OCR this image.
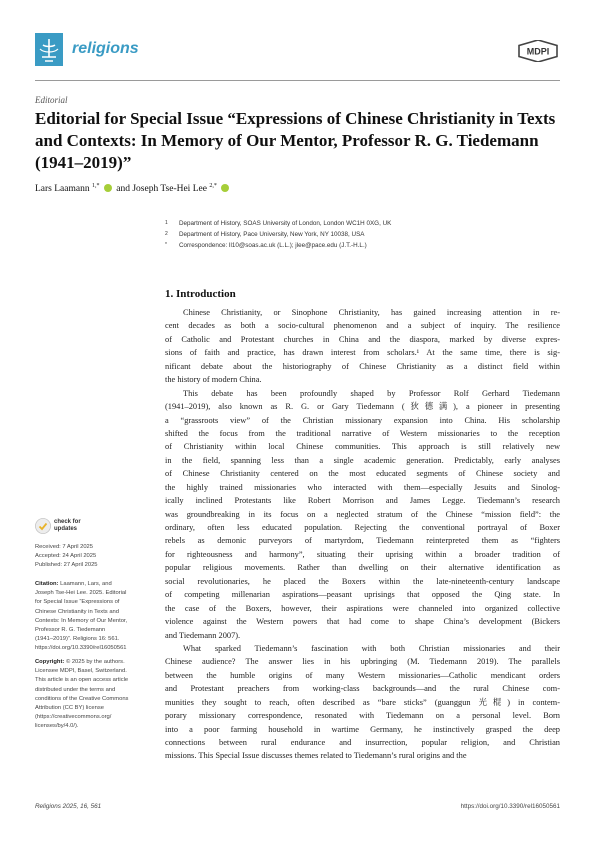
religions	MDPI
Editorial
Editorial for Special Issue “Expressions of Chinese Christianity in Texts and Contexts: In Memory of Our Mentor, Professor R. G. Tiedemann (1941–2019)”
Lars Laamann $^{1,*}$ and Joseph Tse-Hei Lee $^{2,*}$
1 Department of History, SOAS University of London, London WC1H 0XG, UK
2 Department of History, Pace University, New York, NY 10038, USA
* Correspondence: ll10@soas.ac.uk (L.L.); jlee@pace.edu (J.T.-H.L.)
check for
updates
Received: 7 April 2025
Accepted: 24 April 2025
Published: 27 April 2025
Citation: Laamann, Lars, and
Joseph Tse-Hei Lee. 2025. Editorial
for Special Issue “Expressions of
Chinese Christianity in Texts and
Contexts: In Memory of Our Mentor,
Professor R. G. Tiedemann
(1941–2019)”. Religions 16: 561.
https://doi.org/10.3390/rel16050561
Copyright: © 2025 by the authors.
Licensee MDPI, Basel, Switzerland.
This article is an open access article
distributed under the terms and
conditions of the Creative Commons
Attribution (CC BY) license
(https://creativecommons.org/
licenses/by/4.0/).
1. Introduction

Chinese Christianity, or Sinophone Christianity, has gained increasing attention in re-
cent decades as both a socio-cultural phenomenon and a subject of inquiry. The resilience
of Catholic and Protestant churches in China and the diaspora, marked by diverse expres-
sions of faith and practice, has drawn interest from scholars.¹ At the same time, there is sig-
nificant debate about the historiography of Chinese Christianity as a distinct field within
the history of modern China.

This debate has been profoundly shaped by Professor Rolf Gerhard Tiedemann
(1941–2019), also known as R. G. or Gary Tiedemann (狄德满), a pioneer in presenting
a “grassroots view” of the Christian missionary expansion into China. His scholarship
shifted the focus from the traditional narrative of Western missionaries to the reception
of Christianity within local Chinese communities. This approach is still relatively new
in the field, spanning less than a single academic generation. Predictably, early analyses
of Chinese Christianity centered on the most educated segments of Chinese society and
the highly trained missionaries who interacted with them—especially Jesuits and Sinolog-
ically inclined Protestants like Robert Morrison and James Legge. Tiedemann’s research
was groundbreaking in its focus on a neglected stratum of the Chinese “mission field”: the
ordinary, often less educated population. Rejecting the conventional portrayal of Boxer
rebels as demonic purveyors of martyrdom, Tiedemann reinterpreted them as “fighters
for righteousness and harmony”, situating their uprising within a broader tradition of
popular religious movements. Rather than dwelling on their alternative identification as
social revolutionaries, he placed the Boxers within the late-nineteenth-century landscape
of competing millenarian aspirations—peasant uprisings that opposed the Qing state. In
the case of the Boxers, however, their aspirations were channeled into organized collective
violence against the Western powers that had come to shape China’s development (Bickers
and Tiedemann 2007).

What sparked Tiedemann’s fascination with both Christian missionaries and their
Chinese audience? The answer lies in his upbringing (M. Tiedemann 2019). The parallels
between the humble origins of many Western missionaries—Catholic mendicant orders
and Protestant preachers from working-class backgrounds—and the rural Chinese com-
munities they sought to reach, often described as “bare sticks” (guanggun 光棍) in contem-
porary missionary correspondence, resonated with Tiedemann on a personal level. Born
into a poor farming household in wartime Germany, he instinctively grasped the deep
connections between rural endurance and insurrection, popular religion, and Christian
missions. This Special Issue discusses themes related to Tiedemann’s rural origins and the

Religions 2025, 16, 561	https://doi.org/10.3390/rel16050561
